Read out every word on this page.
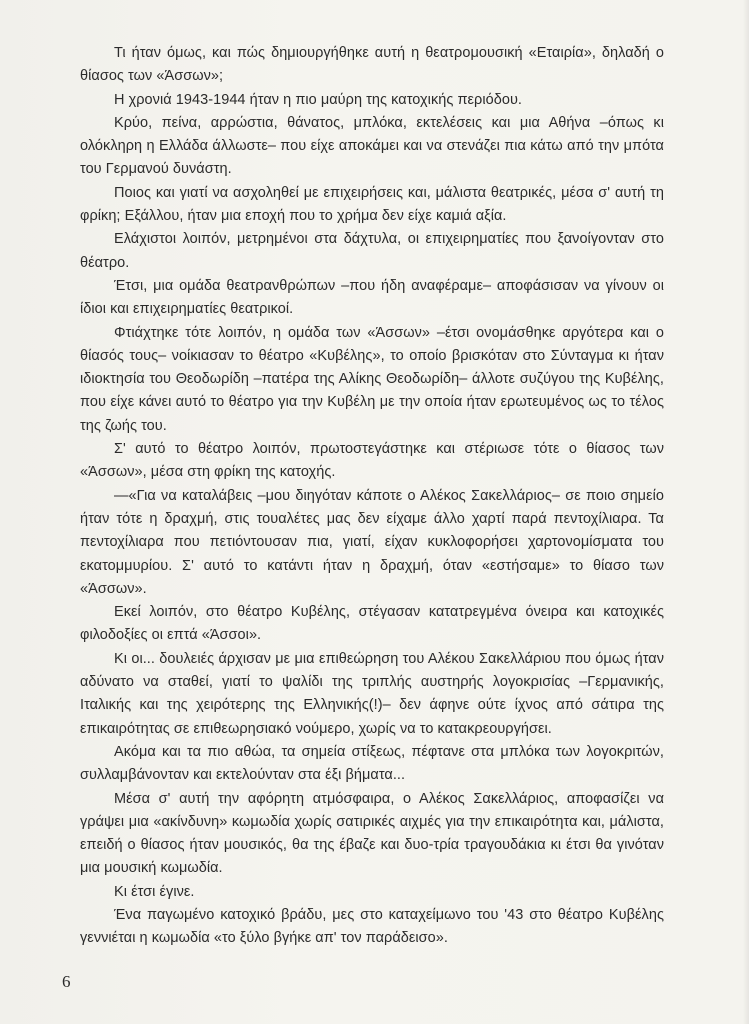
Τι ήταν όμως, και πώς δημιουργήθηκε αυτή η θεατρομουσική «Εταιρία», δηλαδή ο θίασος των «Άσσων»;

Η χρονιά 1943-1944 ήταν η πιο μαύρη της κατοχικής περιόδου.

Κρύο, πείνα, αρρώστια, θάνατος, μπλόκα, εκτελέσεις και μια Αθήνα –όπως κι ολόκληρη η Ελλάδα άλλωστε– που είχε αποκάμει και να στενάζει πια κάτω από την μπότα του Γερμανού δυνάστη.

Ποιος και γιατί να ασχοληθεί με επιχειρήσεις και, μάλιστα θεατρικές, μέσα σ' αυτή τη φρίκη; Εξάλλου, ήταν μια εποχή που το χρήμα δεν είχε καμιά αξία.

Ελάχιστοι λοιπόν, μετρημένοι στα δάχτυλα, οι επιχειρηματίες που ξανοίγονταν στο θέατρο.

Έτσι, μια ομάδα θεατρανθρώπων –που ήδη αναφέραμε– αποφάσισαν να γίνουν οι ίδιοι και επιχειρηματίες θεατρικοί.

Φτιάχτηκε τότε λοιπόν, η ομάδα των «Άσσων» –έτσι ονομάσθηκε αργότερα και ο θίασός τους– νοίκιασαν το θέατρο «Κυβέλης», το οποίο βρισκόταν στο Σύνταγμα κι ήταν ιδιοκτησία του Θεοδωρίδη –πατέρα της Αλίκης Θεοδωρίδη– άλλοτε συζύγου της Κυβέλης, που είχε κάνει αυτό το θέατρο για την Κυβέλη με την οποία ήταν ερωτευμένος ως το τέλος της ζωής του.

Σ' αυτό το θέατρο λοιπόν, πρωτοστεγάστηκε και στέριωσε τότε ο θίασος των «Άσσων», μέσα στη φρίκη της κατοχής.

—«Για να καταλάβεις –μου διηγόταν κάποτε ο Αλέκος Σακελλάριος– σε ποιο σημείο ήταν τότε η δραχμή, στις τουαλέτες μας δεν είχαμε άλλο χαρτί παρά πεντοχίλιαρα. Τα πεντοχίλιαρα που πετιόντουσαν πια, γιατί, είχαν κυκλοφορήσει χαρτονομίσματα του εκατομμυρίου. Σ' αυτό το κατάντι ήταν η δραχμή, όταν «εστήσαμε» το θίασο των «Άσσων».

Εκεί λοιπόν, στο θέατρο Κυβέλης, στέγασαν κατατρεγμένα όνειρα και κατοχικές φιλοδοξίες οι επτά «Άσσοι».

Κι οι... δουλειές άρχισαν με μια επιθεώρηση του Αλέκου Σακελλάριου που όμως ήταν αδύνατο να σταθεί, γιατί το ψαλίδι της τριπλής αυστηρής λογοκρισίας –Γερμανικής, Ιταλικής και της χειρότερης της Ελληνικής(!)– δεν άφηνε ούτε ίχνος από σάτιρα της επικαιρότητας σε επιθεωρησιακό νούμερο, χωρίς να το κατακρεουργήσει.

Ακόμα και τα πιο αθώα, τα σημεία στίξεως, πέφτανε στα μπλόκα των λογοκριτών, συλλαμβάνονταν και εκτελούνταν στα έξι βήματα...

Μέσα σ' αυτή την αφόρητη ατμόσφαιρα, ο Αλέκος Σακελλάριος, αποφασίζει να γράψει μια «ακίνδυνη» κωμωδία χωρίς σατιρικές αιχμές για την επικαιρότητα και, μάλιστα, επειδή ο θίασος ήταν μουσικός, θα της έβαζε και δυο-τρία τραγουδάκια κι έτσι θα γινόταν μια μουσική κωμωδία.

Κι έτσι έγινε.

Ένα παγωμένο κατοχικό βράδυ, μες στο καταχείμωνο του '43 στο θέατρο Κυβέλης γεννιέται η κωμωδία «το ξύλο βγήκε απ' τον παράδεισο».

6
